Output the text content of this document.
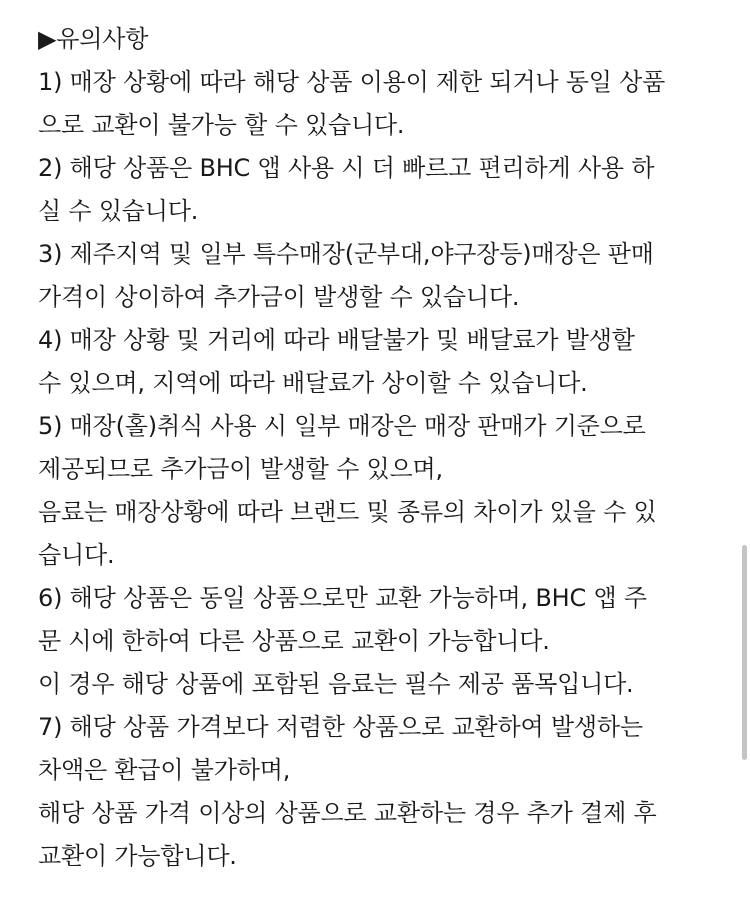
▶유의사항
1) 매장 상황에 따라 해당 상품 이용이 제한 되거나 동일 상품
으로 교환이 불가능 할 수 있습니다.
2) 해당 상품은 BHC 앱 사용 시 더 빠르고 편리하게 사용 하
실 수 있습니다.
3) 제주지역 및 일부 특수매장(군부대,야구장등)매장은 판매
가격이 상이하여 추가금이 발생할 수 있습니다.
4) 매장 상황 및 거리에 따라 배달불가 및 배달료가 발생할
수 있으며, 지역에 따라 배달료가 상이할 수 있습니다.
5) 매장(홀)취식 사용 시 일부 매장은 매장 판매가 기준으로
제공되므로 추가금이 발생할 수 있으며,
음료는 매장상황에 따라 브랜드 및 종류의 차이가 있을 수 있
습니다.
6) 해당 상품은 동일 상품으로만 교환 가능하며, BHC 앱 주
문 시에 한하여 다른 상품으로 교환이 가능합니다.
이 경우 해당 상품에 포함된 음료는 필수 제공 품목입니다.
7) 해당 상품 가격보다 저렴한 상품으로 교환하여 발생하는
차액은 환급이 불가하며,
해당 상품 가격 이상의 상품으로 교환하는 경우 추가 결제 후
교환이 가능합니다.
